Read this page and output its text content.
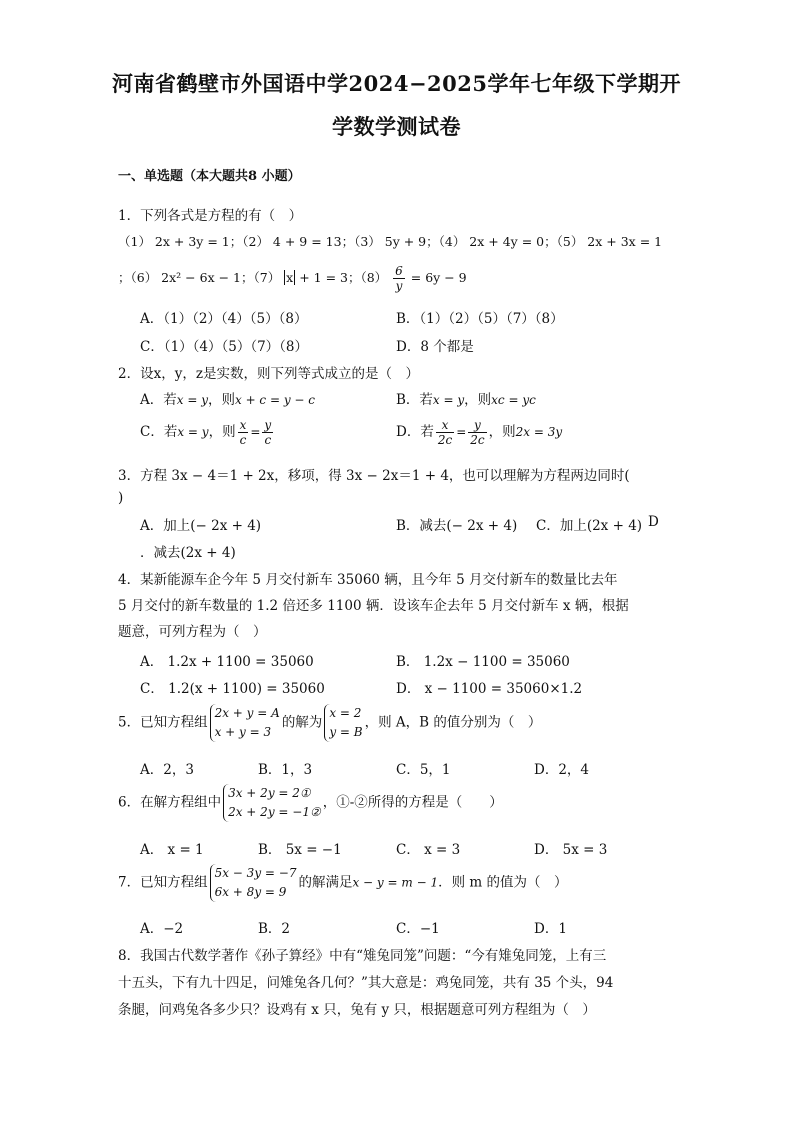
河南省鹤壁市外国语中学2024−2025学年七年级下学期开
学数学测试卷
一、单选题（本大题共8 小题）
1．下列各式是方程的有（　）
（1） 2x + 3y = 1；（2） 4 + 9 = 13；（3） 5y + 9；（4） 2x + 4y = 0；（5） 2x + 3x = 1
；（6） 2x² − 6x − 1；（7） x + 1 = 3；$(8) \frac{6}{y} = 6y - 9$
A．（1）（2）（4）（5）（8）	B．（1）（2）（5）（7）（8）
C．（1）（4）（5）（7）（8）	D．8 个都是
2．设x，y，z是实数，则下列等式成立的是（　）
A．若x = y，则x + c = y − c	B．若x = y，则xc = yc
C．若x = y，则 $\frac{x}{c} = \frac{y}{c}$	D．若 $\frac{x}{2c} = \frac{y}{2c}$ ，则2x = 3y
3．方程 3x − 4＝1 + 2x，移项，得 3x − 2x＝1 + 4，也可以理解为方程两边同时(
)
A．加上(− 2x + 4)	B．减去(− 2x + 4) C．加上(2x + 4) D
．减去(2x + 4)
4．某新能源车企今年 5 月交付新车 35060 辆，且今年 5 月交付新车的数量比去年
5 月交付的新车数量的 1.2 倍还多 1100 辆．设该车企去年 5 月交付新车 x 辆，根据
题意，可列方程为（　）
A． 1.2x + 1100 = 35060	B． 1.2x − 1100 = 35060
C． 1.2(x + 1100) = 35060	D． x − 1100 = 35060×1.2
5．已知方程组
2x + y = A
x + y = 3
的解为
x = 2
y = B
，则 A，B 的值分别为（　）
A．2，3	B．1，3	C．5，1	D．2，4
6．在解方程组中
3x + 2y = 2①
2x + 2y = −1②
，①-②所得的方程是（　　）
A． x = 1	B． 5x = −1	C． x = 3	D． 5x = 3
7．已知方程组
5x − 3y = −7
6x + 8y = 9
的解满足x − y = m − 1．则 m 的值为（　）
A．−2	B．2	C．−1	D．1
8．我国古代数学著作《孙子算经》中有“雉兔同笼”问题：“今有雉兔同笼，上有三
十五头，下有九十四足，问雉兔各几何？”其大意是：鸡兔同笼，共有 35 个头，94
条腿，问鸡兔各多少只？设鸡有 x 只，兔有 y 只，根据题意可列方程组为（　）
